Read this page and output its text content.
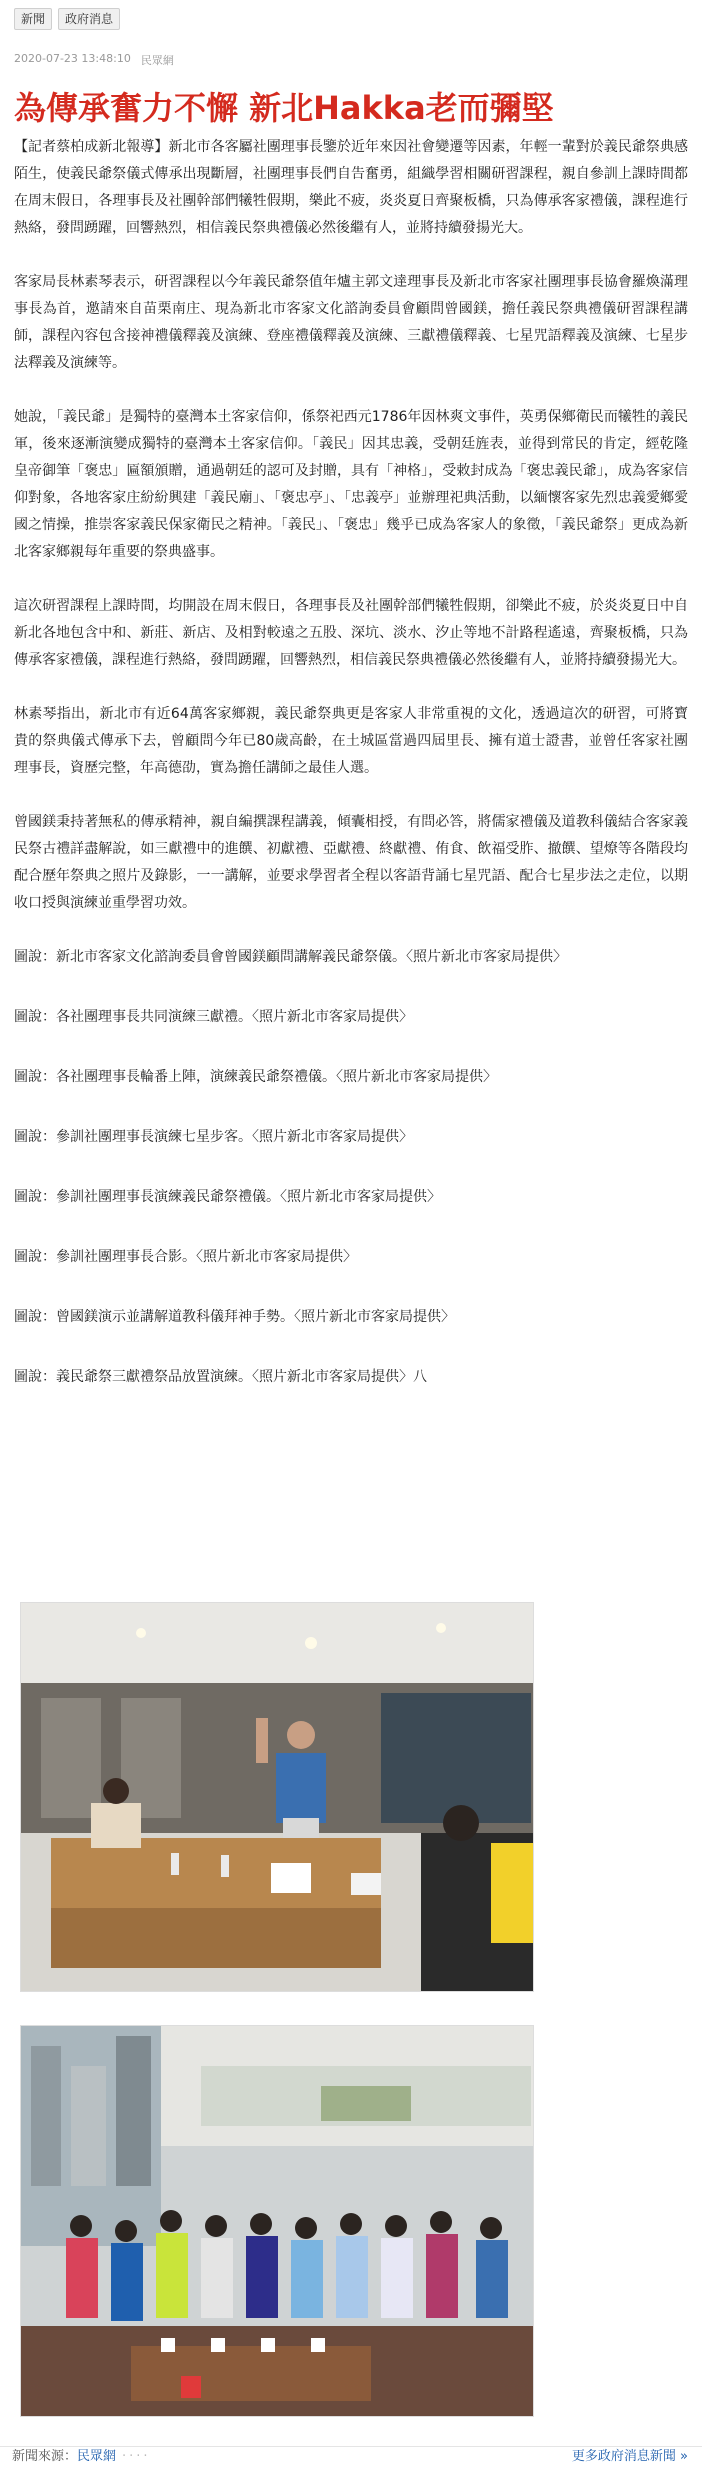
新聞	政府消息
2020-07-23 13:48:10 民眾網
為傳承奮力不懈 新北Hakka老而彌堅

【記者蔡柏成新北報導】新北市各客屬社團理事長鑒於近年來因社會變遷等因素，年輕一輩對於義民爺祭典感陌生，使義民爺祭儀式傳承出現斷層，社團理事長們自告奮勇，組織學習相關研習課程，親自參訓上課時間都在周末假日，各理事長及社團幹部們犧牲假期，樂此不疲，炎炎夏日齊聚板橋，只為傳承客家禮儀，課程進行熱絡，發問踴躍，回響熱烈，相信義民祭典禮儀必然後繼有人，並將持續發揚光大。

客家局長林素琴表示，研習課程以今年義民爺祭值年爐主郭文達理事長及新北市客家社團理事長協會羅煥滿理事長為首，邀請來自苗栗南庄、現為新北市客家文化諮詢委員會顧問曾國鎂，擔任義民祭典禮儀研習課程講師，課程內容包含接神禮儀釋義及演練、登座禮儀釋義及演練、三獻禮儀釋義、七星咒語釋義及演練、七星步法釋義及演練等。

她說，「義民爺」是獨特的臺灣本土客家信仰，係祭祀西元1786年因林爽文事件，英勇保鄉衛民而犧牲的義民軍，後來逐漸演變成獨特的臺灣本土客家信仰。「義民」因其忠義，受朝廷旌表，並得到常民的肯定，經乾隆皇帝御筆「褒忠」匾額頒贈，通過朝廷的認可及封贈，具有「神格」，受敕封成為「褒忠義民爺」，成為客家信仰對象，各地客家庄紛紛興建「義民廟」、「褒忠亭」、「忠義亭」並辦理祀典活動，以緬懷客家先烈忠義愛鄉愛國之情操，推崇客家義民保家衛民之精神。「義民」、「褒忠」幾乎已成為客家人的象徵，「義民爺祭」更成為新北客家鄉親每年重要的祭典盛事。

這次研習課程上課時間，均開設在周末假日，各理事長及社團幹部們犧牲假期，卻樂此不疲，於炎炎夏日中自新北各地包含中和、新莊、新店、及相對較遠之五股、深坑、淡水、汐止等地不計路程遙遠，齊聚板橋，只為傳承客家禮儀，課程進行熱絡，發問踴躍，回響熱烈，相信義民祭典禮儀必然後繼有人，並將持續發揚光大。

林素琴指出，新北市有近64萬客家鄉親，義民爺祭典更是客家人非常重視的文化，透過這次的研習，可將寶貴的祭典儀式傳承下去，曾顧問今年已80歲高齡，在土城區當過四屆里長、擁有道士證書，並曾任客家社團理事長，資歷完整，年高德劭，實為擔任講師之最佳人選。

曾國鎂秉持著無私的傳承精神，親自編撰課程講義，傾囊相授，有問必答，將儒家禮儀及道教科儀結合客家義民祭古禮詳盡解說，如三獻禮中的進饌、初獻禮、亞獻禮、終獻禮、侑食、飲福受胙、撤饌、望燎等各階段均配合歷年祭典之照片及錄影，一一講解，並要求學習者全程以客語背誦七星咒語、配合七星步法之走位，以期收口授與演練並重學習功效。

圖說：新北市客家文化諮詢委員會曾國鎂顧問講解義民爺祭儀。〈照片新北市客家局提供〉

圖說：各社團理事長共同演練三獻禮。〈照片新北市客家局提供〉

圖說：各社團理事長輪番上陣，演練義民爺祭禮儀。〈照片新北市客家局提供〉

圖說：參訓社團理事長演練七星步客。〈照片新北市客家局提供〉

圖說：參訓社團理事長演練義民爺祭禮儀。〈照片新北市客家局提供〉

圖說：參訓社團理事長合影。〈照片新北市客家局提供〉

圖說：曾國鎂演示並講解道教科儀拜神手勢。〈照片新北市客家局提供〉

圖說：義民爺祭三獻禮祭品放置演練。〈照片新北市客家局提供〉八

新聞來源：民眾網 ····	更多政府消息新聞 »
